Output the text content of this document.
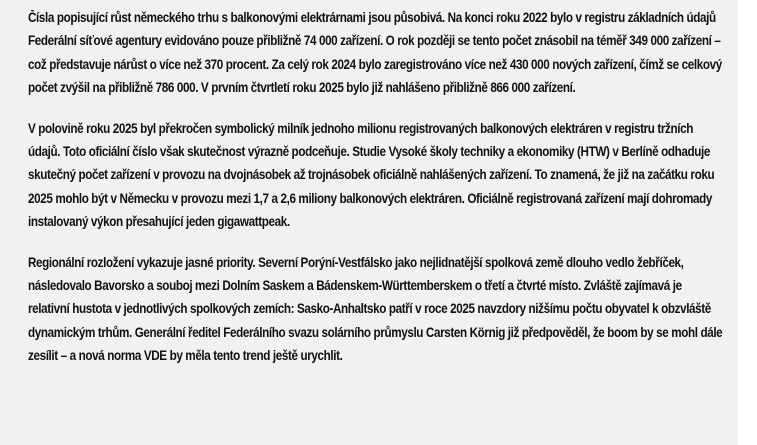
Čísla popisující růst německého trhu s balkonovými elektrárnami jsou působivá. Na konci roku 2022 bylo v registru základních údajů Federální síťové agentury evidováno pouze přibližně 74 000 zařízení. O rok později se tento počet znásobil na téměř 349 000 zařízení – což představuje nárůst o více než 370 procent. Za celý rok 2024 bylo zaregistrováno více než 430 000 nových zařízení, čímž se celkový počet zvýšil na přibližně 786 000. V prvním čtvrtletí roku 2025 bylo již nahlášeno přibližně 866 000 zařízení.

V polovině roku 2025 byl překročen symbolický milník jednoho milionu registrovaných balkonových elektráren v registru tržních údajů. Toto oficiální číslo však skutečnost výrazně podceňuje. Studie Vysoké školy techniky a ekonomiky (HTW) v Berlíně odhaduje skutečný počet zařízení v provozu na dvojnásobek až trojnásobek oficiálně nahlášených zařízení. To znamená, že již na začátku roku 2025 mohlo být v Německu v provozu mezi 1,7 a 2,6 miliony balkonových elektráren. Oficiálně registrovaná zařízení mají dohromady instalovaný výkon přesahující jeden gigawattpeak.

Regionální rozložení vykazuje jasné priority. Severní Porýní-Vestfálsko jako nejlidnatější spolková země dlouho vedlo žebříček, následovalo Bavorsko a souboj mezi Dolním Saskem a Bádenskem-Württemberskem o třetí a čtvrté místo. Zvláště zajímavá je relativní hustota v jednotlivých spolkových zemích: Sasko-Anhaltsko patří v roce 2025 navzdory nižšímu počtu obyvatel k obzvláště dynamickým trhům. Generální ředitel Federálního svazu solárního průmyslu Carsten Körnig již předpověděl, že boom by se mohl dále zesílit – a nová norma VDE by měla tento trend ještě urychlit.
